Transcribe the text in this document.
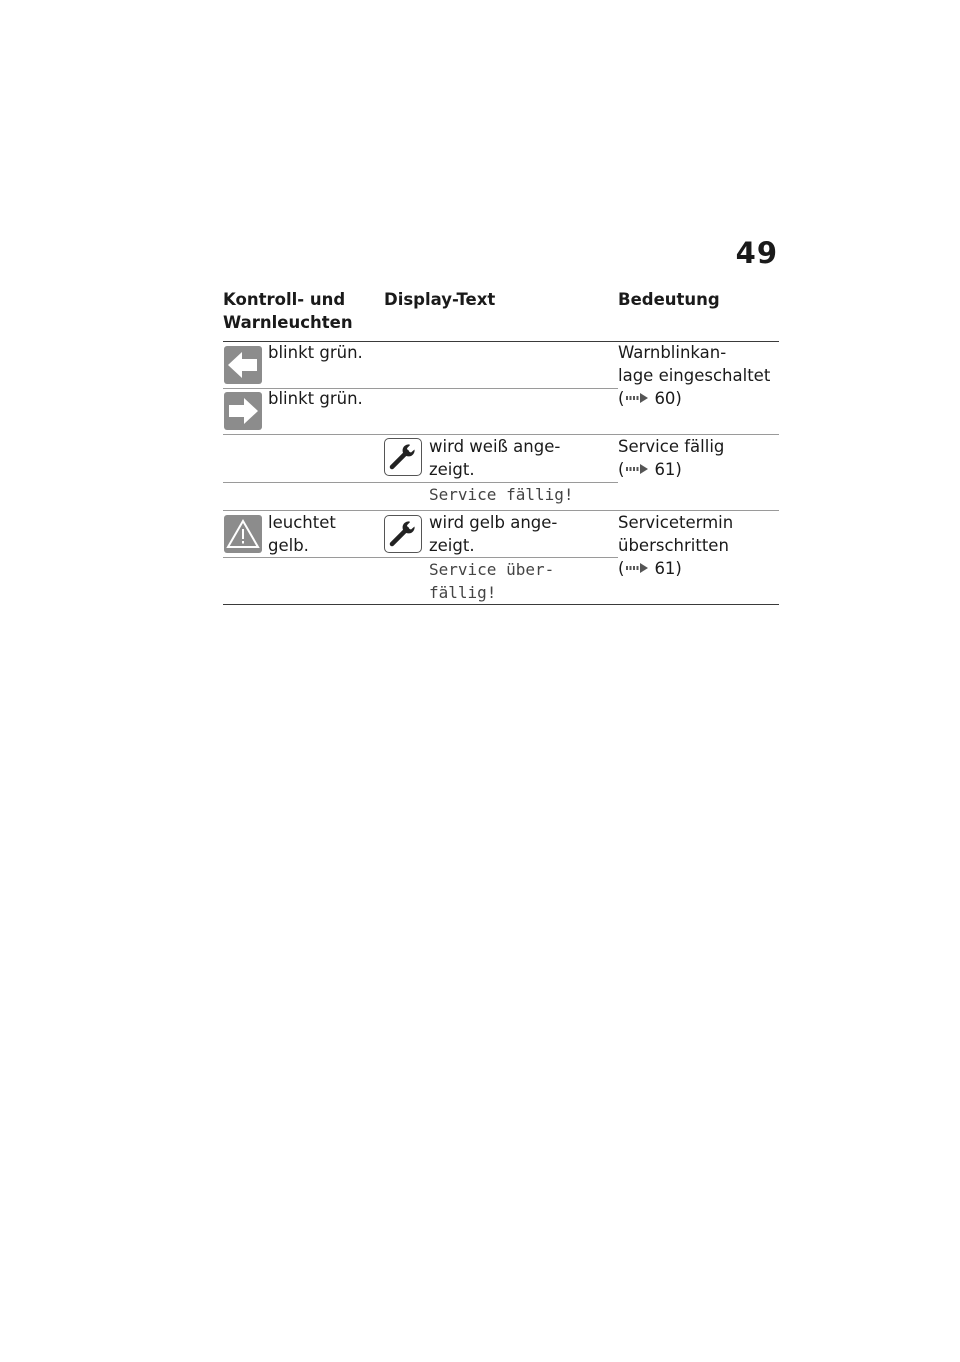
49
Kontroll- und
Warnleuchten
Display-Text	Bedeutung
blinkt grün.
blinkt grün.
Warnblinkan-
lage eingeschaltet
( 60)
wird weiß ange-
zeigt.
Service fällig
( 61)
Service fällig!
leuchtet
gelb.
wird gelb ange-
zeigt.
Servicetermin
überschritten
( 61)
Service über-
fällig!
